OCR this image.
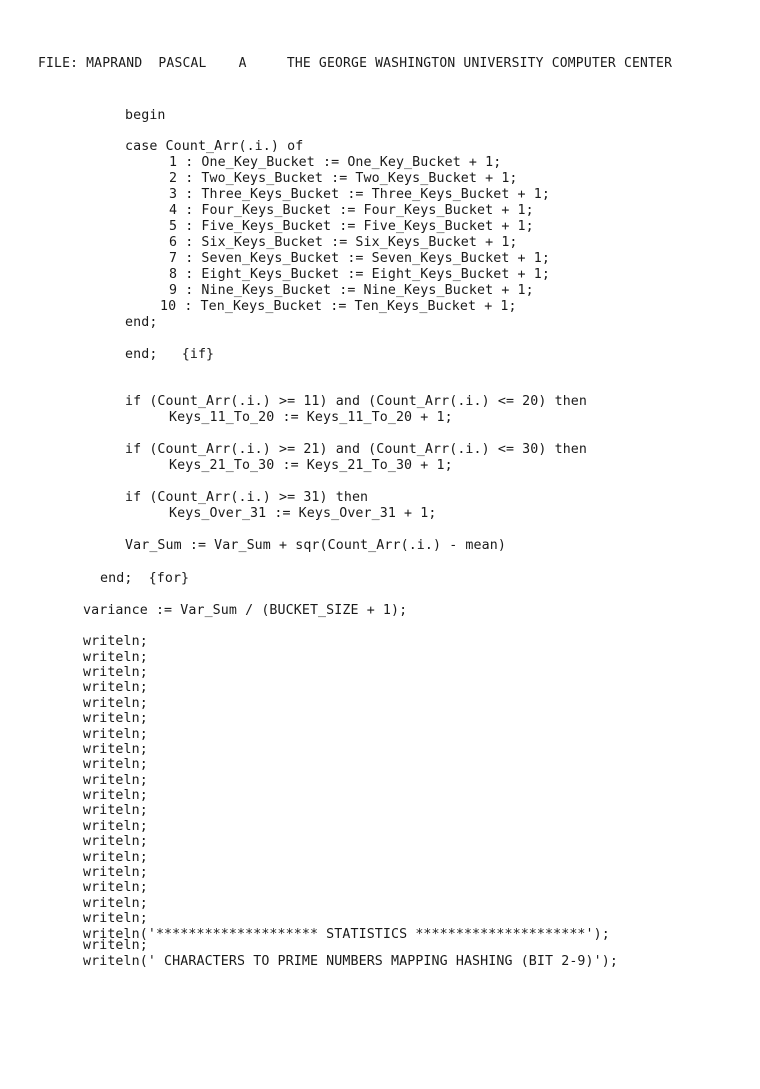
FILE: MAPRAND  PASCAL    A     THE GEORGE WASHINGTON UNIVERSITY COMPUTER CENTER
begin
case Count_Arr(.i.) of
1 : One_Key_Bucket := One_Key_Bucket + 1;
2 : Two_Keys_Bucket := Two_Keys_Bucket + 1;
3 : Three_Keys_Bucket := Three_Keys_Bucket + 1;
4 : Four_Keys_Bucket := Four_Keys_Bucket + 1;
5 : Five_Keys_Bucket := Five_Keys_Bucket + 1;
6 : Six_Keys_Bucket := Six_Keys_Bucket + 1;
7 : Seven_Keys_Bucket := Seven_Keys_Bucket + 1;
8 : Eight_Keys_Bucket := Eight_Keys_Bucket + 1;
9 : Nine_Keys_Bucket := Nine_Keys_Bucket + 1;
10 : Ten_Keys_Bucket := Ten_Keys_Bucket + 1;
end;
end;   {if}
if (Count_Arr(.i.) >= 11) and (Count_Arr(.i.) <= 20) then
Keys_11_To_20 := Keys_11_To_20 + 1;
if (Count_Arr(.i.) >= 21) and (Count_Arr(.i.) <= 30) then
Keys_21_To_30 := Keys_21_To_30 + 1;
if (Count_Arr(.i.) >= 31) then
Keys_Over_31 := Keys_Over_31 + 1;
Var_Sum := Var_Sum + sqr(Count_Arr(.i.) - mean)
end;  {for}
variance := Var_Sum / (BUCKET_SIZE + 1);
writeln;
writeln;
writeln;
writeln;
writeln;
writeln;
writeln;
writeln;
writeln;
writeln;
writeln;
writeln;
writeln;
writeln;
writeln;
writeln;
writeln;
writeln;
writeln;
writeln('******************** STATISTICS *********************');
writeln;
writeln(' CHARACTERS TO PRIME NUMBERS MAPPING HASHING (BIT 2-9)');
